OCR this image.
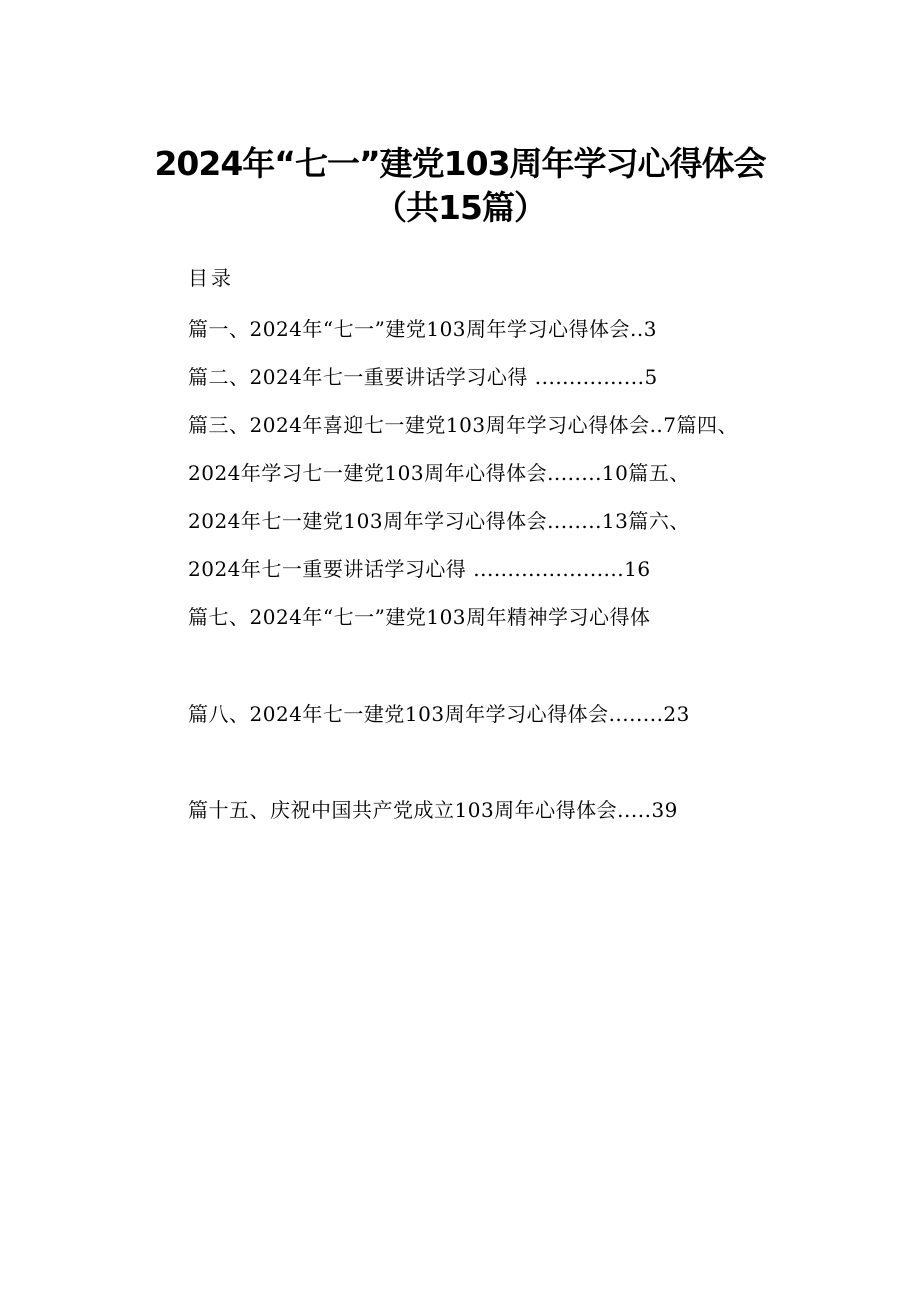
2024年“七一”建党103周年学习心得体会
（共15篇）
目录
篇一、2024年“七一”建党103周年学习心得体会..3
篇二、2024年七一重要讲话学习心得 ................5
篇三、2024年喜迎七一建党103周年学习心得体会..7篇四、
2024年学习七一建党103周年心得体会........10篇五、
2024年七一建党103周年学习心得体会........13篇六、
2024年七一重要讲话学习心得 ......................16
篇七、2024年“七一”建党103周年精神学习心得体
篇八、2024年七一建党103周年学习心得体会........23
篇十五、庆祝中国共产党成立103周年心得体会.....39
